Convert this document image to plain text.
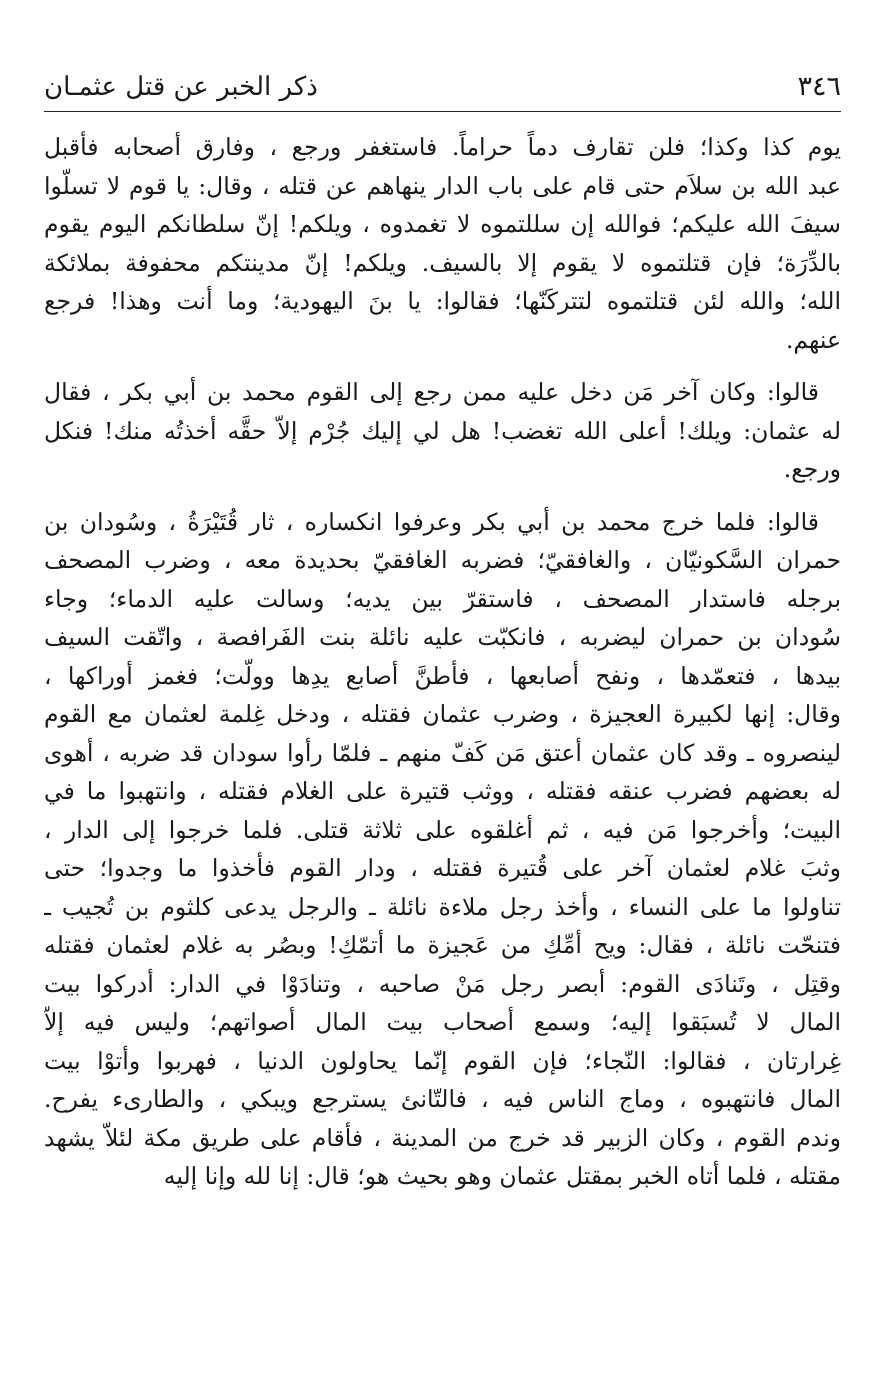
٣٤٦
ذكر الخبر عن قتل عثمـان
يوم كذا وكذا؛ فلن تقارف دماً حراماً. فاستغفر ورجع ، وفارق أصحابه فأقبل
عبد الله بن سلاَم حتى قام على باب الدار ينهاهم عن قتله ، وقال: يا قوم لا تسلّوا
سيفَ الله عليكم؛ فوالله إن سللتموه لا تغمدوه ، ويلكم! إنّ سلطانكم اليوم يقوم
بالدِّرَة؛ فإن قتلتموه لا يقوم إلا بالسيف. ويلكم! إنّ مدينتكم محفوفة بملائكة
الله؛ والله لئن قتلتموه لتتركَنّها؛ فقالوا: يا بنَ اليهودية؛ وما أنت وهذا! فرجع
عنهم.
قالوا: وكان آخر مَن دخل عليه ممن رجع إلى القوم محمد بن أبي بكر ، فقال
له عثمان: ويلك! أعلى الله تغضب! هل لي إليك جُرْم إلاّ حقَّه أخذتُه منك! فنكل
ورجع.
قالوا: فلما خرج محمد بن أبي بكر وعرفوا انكساره ، ثار قُتَيْرَةُ ، وسُودان بن
حمران السَّكونيّان ، والغافقيّ؛ فضربه الغافقيّ بحديدة معه ، وضرب المصحف
برجله فاستدار المصحف ، فاستقرّ بين يديه؛ وسالت عليه الدماء؛ وجاء
سُودان بن حمران ليضربه ، فانكبّت عليه نائلة بنت الفَرافصة ، واتّقت السيف
بيدها ، فتعمّدها ، ونفح أصابعها ، فأطنَّ أصابع يدِها وولّت؛ فغمز أوراكها ،
وقال: إنها لكبيرة العجيزة ، وضرب عثمان فقتله ، ودخل غِلمة لعثمان مع القوم
لينصروه ـ وقد كان عثمان أعتق مَن كَفّ منهم ـ فلمّا رأوا سودان قد ضربه ، أهوى
له بعضهم فضرب عنقه فقتله ، ووثب قتيرة على الغلام فقتله ، وانتهبوا ما في
البيت؛ وأخرجوا مَن فيه ، ثم أغلقوه على ثلاثة قتلى. فلما خرجوا إلى الدار ،
وثبَ غلام لعثمان آخر على قُتيرة فقتله ، ودار القوم فأخذوا ما وجدوا؛ حتى
تناولوا ما على النساء ، وأخذ رجل ملاءة نائلة ـ والرجل يدعى كلثوم بن تُجيب ـ
فتنحّت نائلة ، فقال: ويح أمِّكِ من عَجيزة ما أتمّكِ! وبصُر به غلام لعثمان فقتله
وقتِل ، وتَنادَى القوم: أبصر رجل مَنْ صاحبه ، وتنادَوْا في الدار: أدركوا بيت
المال لا تُسبَقوا إليه؛ وسمع أصحاب بيت المال أصواتهم؛ وليس فيه إلاّ
غِرارتان ، فقالوا: النّجاء؛ فإن القوم إنّما يحاولون الدنيا ، فهربوا وأتوْا بيت
المال فانتهبوه ، وماج الناس فيه ، فالتّانئ يسترجع ويبكي ، والطارىء يفرح.
وندم القوم ، وكان الزبير قد خرج من المدينة ، فأقام على طريق مكة لئلاّ يشهد
مقتله ، فلما أتاه الخبر بمقتل عثمان وهو بحيث هو؛ قال: إنا لله وإنا إليه
